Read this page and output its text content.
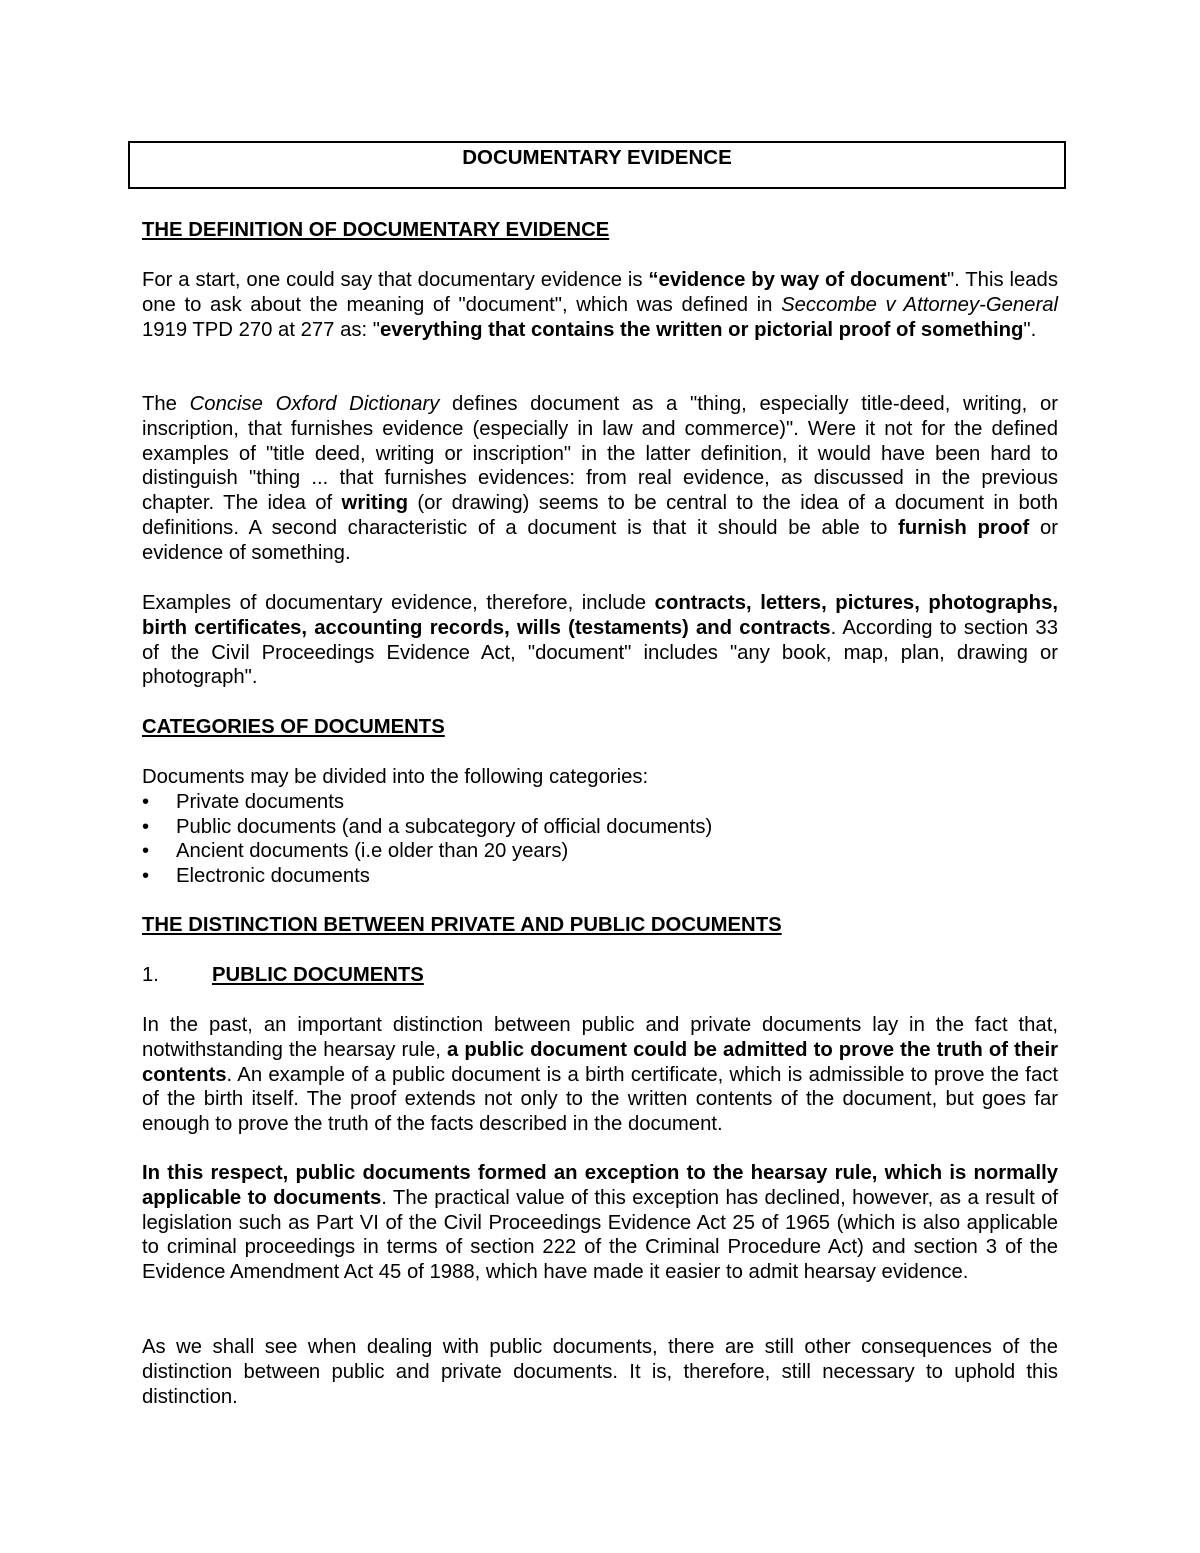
DOCUMENTARY EVIDENCE
THE DEFINITION OF DOCUMENTARY EVIDENCE
For a start, one could say that documentary evidence is “evidence by way of document". This leads one to ask about the meaning of "document", which was defined in Seccombe v Attorney-General 1919 TPD 270 at 277 as: "everything that contains the written or pictorial proof of something".
The Concise Oxford Dictionary defines document as a "thing, especially title-deed, writing, or inscription, that furnishes evidence (especially in law and commerce)". Were it not for the defined examples of "title deed, writing or inscription" in the latter definition, it would have been hard to distinguish "thing ... that furnishes evidences: from real evidence, as discussed in the previous chapter. The idea of writing (or drawing) seems to be central to the idea of a document in both definitions. A second characteristic of a document is that it should be able to furnish proof or evidence of something.
Examples of documentary evidence, therefore, include contracts, letters, pictures, photographs, birth certificates, accounting records, wills (testaments) and contracts. According to section 33 of the Civil Proceedings Evidence Act, "document" includes "any book, map, plan, drawing or photograph".
CATEGORIES OF DOCUMENTS
Documents may be divided into the following categories:
•	Private documents
•	Public documents (and a subcategory of official documents)
•	Ancient documents (i.e older than 20 years)
•	Electronic documents
THE DISTINCTION BETWEEN PRIVATE AND PUBLIC DOCUMENTS
1.	PUBLIC DOCUMENTS
In the past, an important distinction between public and private documents lay in the fact that, notwithstanding the hearsay rule, a public document could be admitted to prove the truth of their contents. An example of a public document is a birth certificate, which is admissible to prove the fact of the birth itself. The proof extends not only to the written contents of the document, but goes far enough to prove the truth of the facts described in the document.
In this respect, public documents formed an exception to the hearsay rule, which is normally applicable to documents. The practical value of this exception has declined, however, as a result of legislation such as Part VI of the Civil Proceedings Evidence Act 25 of 1965 (which is also applicable to criminal proceedings in terms of section 222 of the Criminal Procedure Act) and section 3 of the Evidence Amendment Act 45 of 1988, which have made it easier to admit hearsay evidence.
As we shall see when dealing with public documents, there are still other consequences of the distinction between public and private documents. It is, therefore, still necessary to uphold this distinction.
